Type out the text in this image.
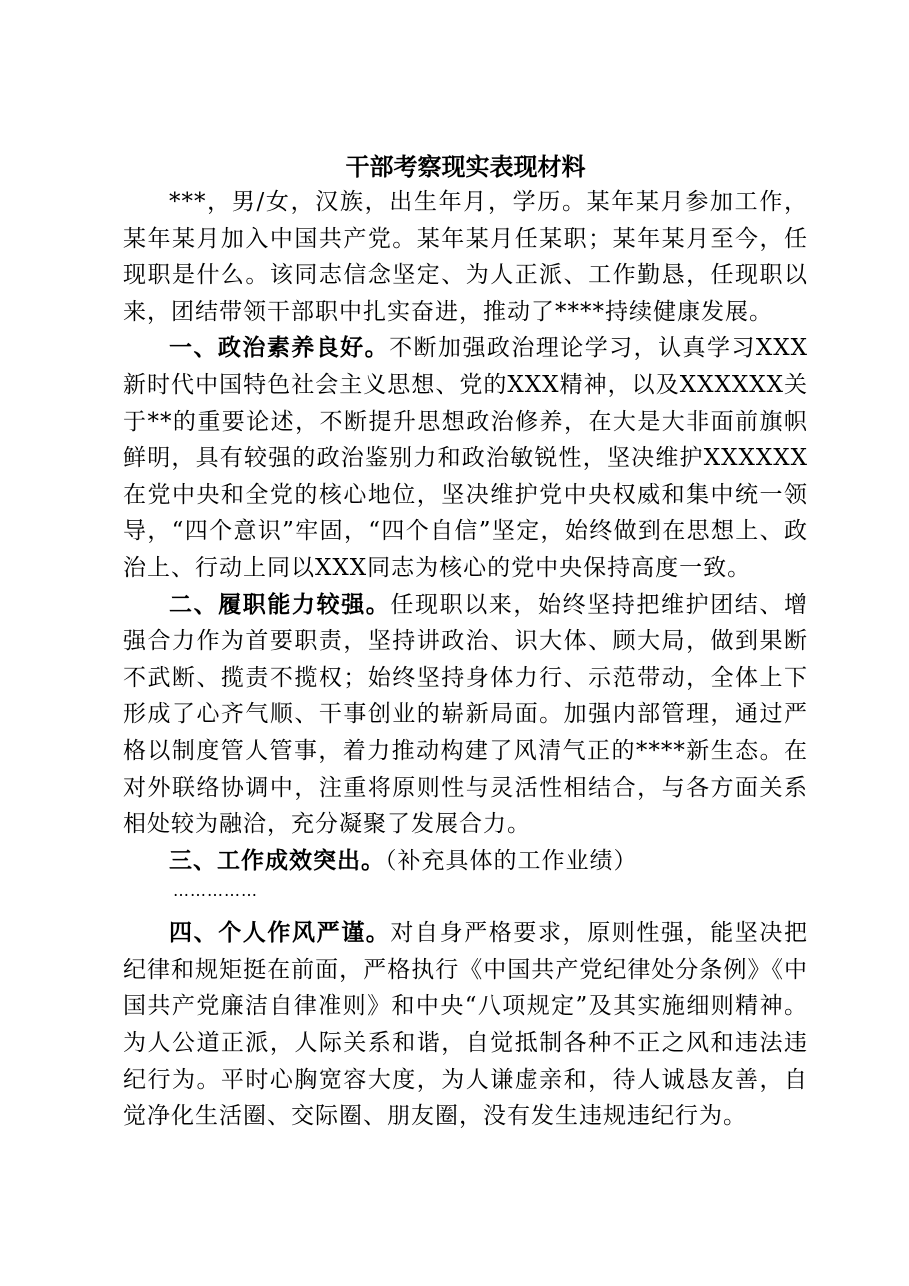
干部考察现实表现材料

***，男/女，汉族，出生年月，学历。某年某月参加工作，某年某月加入中国共产党。某年某月任某职；某年某月至今，任现职是什么。该同志信念坚定、为人正派、工作勤恳，任现职以来，团结带领干部职中扎实奋进，推动了****持续健康发展。

一、政治素养良好。不断加强政治理论学习，认真学习XXX新时代中国特色社会主义思想、党的XXX精神，以及XXXXXX关于**的重要论述，不断提升思想政治修养，在大是大非面前旗帜鲜明，具有较强的政治鉴别力和政治敏锐性，坚决维护XXXXXX在党中央和全党的核心地位，坚决维护党中央权威和集中统一领导，“四个意识”牢固，“四个自信”坚定，始终做到在思想上、政治上、行动上同以XXX同志为核心的党中央保持高度一致。

二、履职能力较强。任现职以来，始终坚持把维护团结、增强合力作为首要职责，坚持讲政治、识大体、顾大局，做到果断不武断、揽责不揽权；始终坚持身体力行、示范带动，全体上下形成了心齐气顺、干事创业的崭新局面。加强内部管理，通过严格以制度管人管事，着力推动构建了风清气正的****新生态。在对外联络协调中，注重将原则性与灵活性相结合，与各方面关系相处较为融洽，充分凝聚了发展合力。

三、工作成效突出。（补充具体的工作业绩）

……………

四、个人作风严谨。对自身严格要求，原则性强，能坚决把纪律和规矩挺在前面，严格执行《中国共产党纪律处分条例》《中国共产党廉洁自律准则》和中央“八项规定”及其实施细则精神。为人公道正派，人际关系和谐，自觉抵制各种不正之风和违法违纪行为。平时心胸宽容大度，为人谦虚亲和，待人诚恳友善，自觉净化生活圈、交际圈、朋友圈，没有发生违规违纪行为。
